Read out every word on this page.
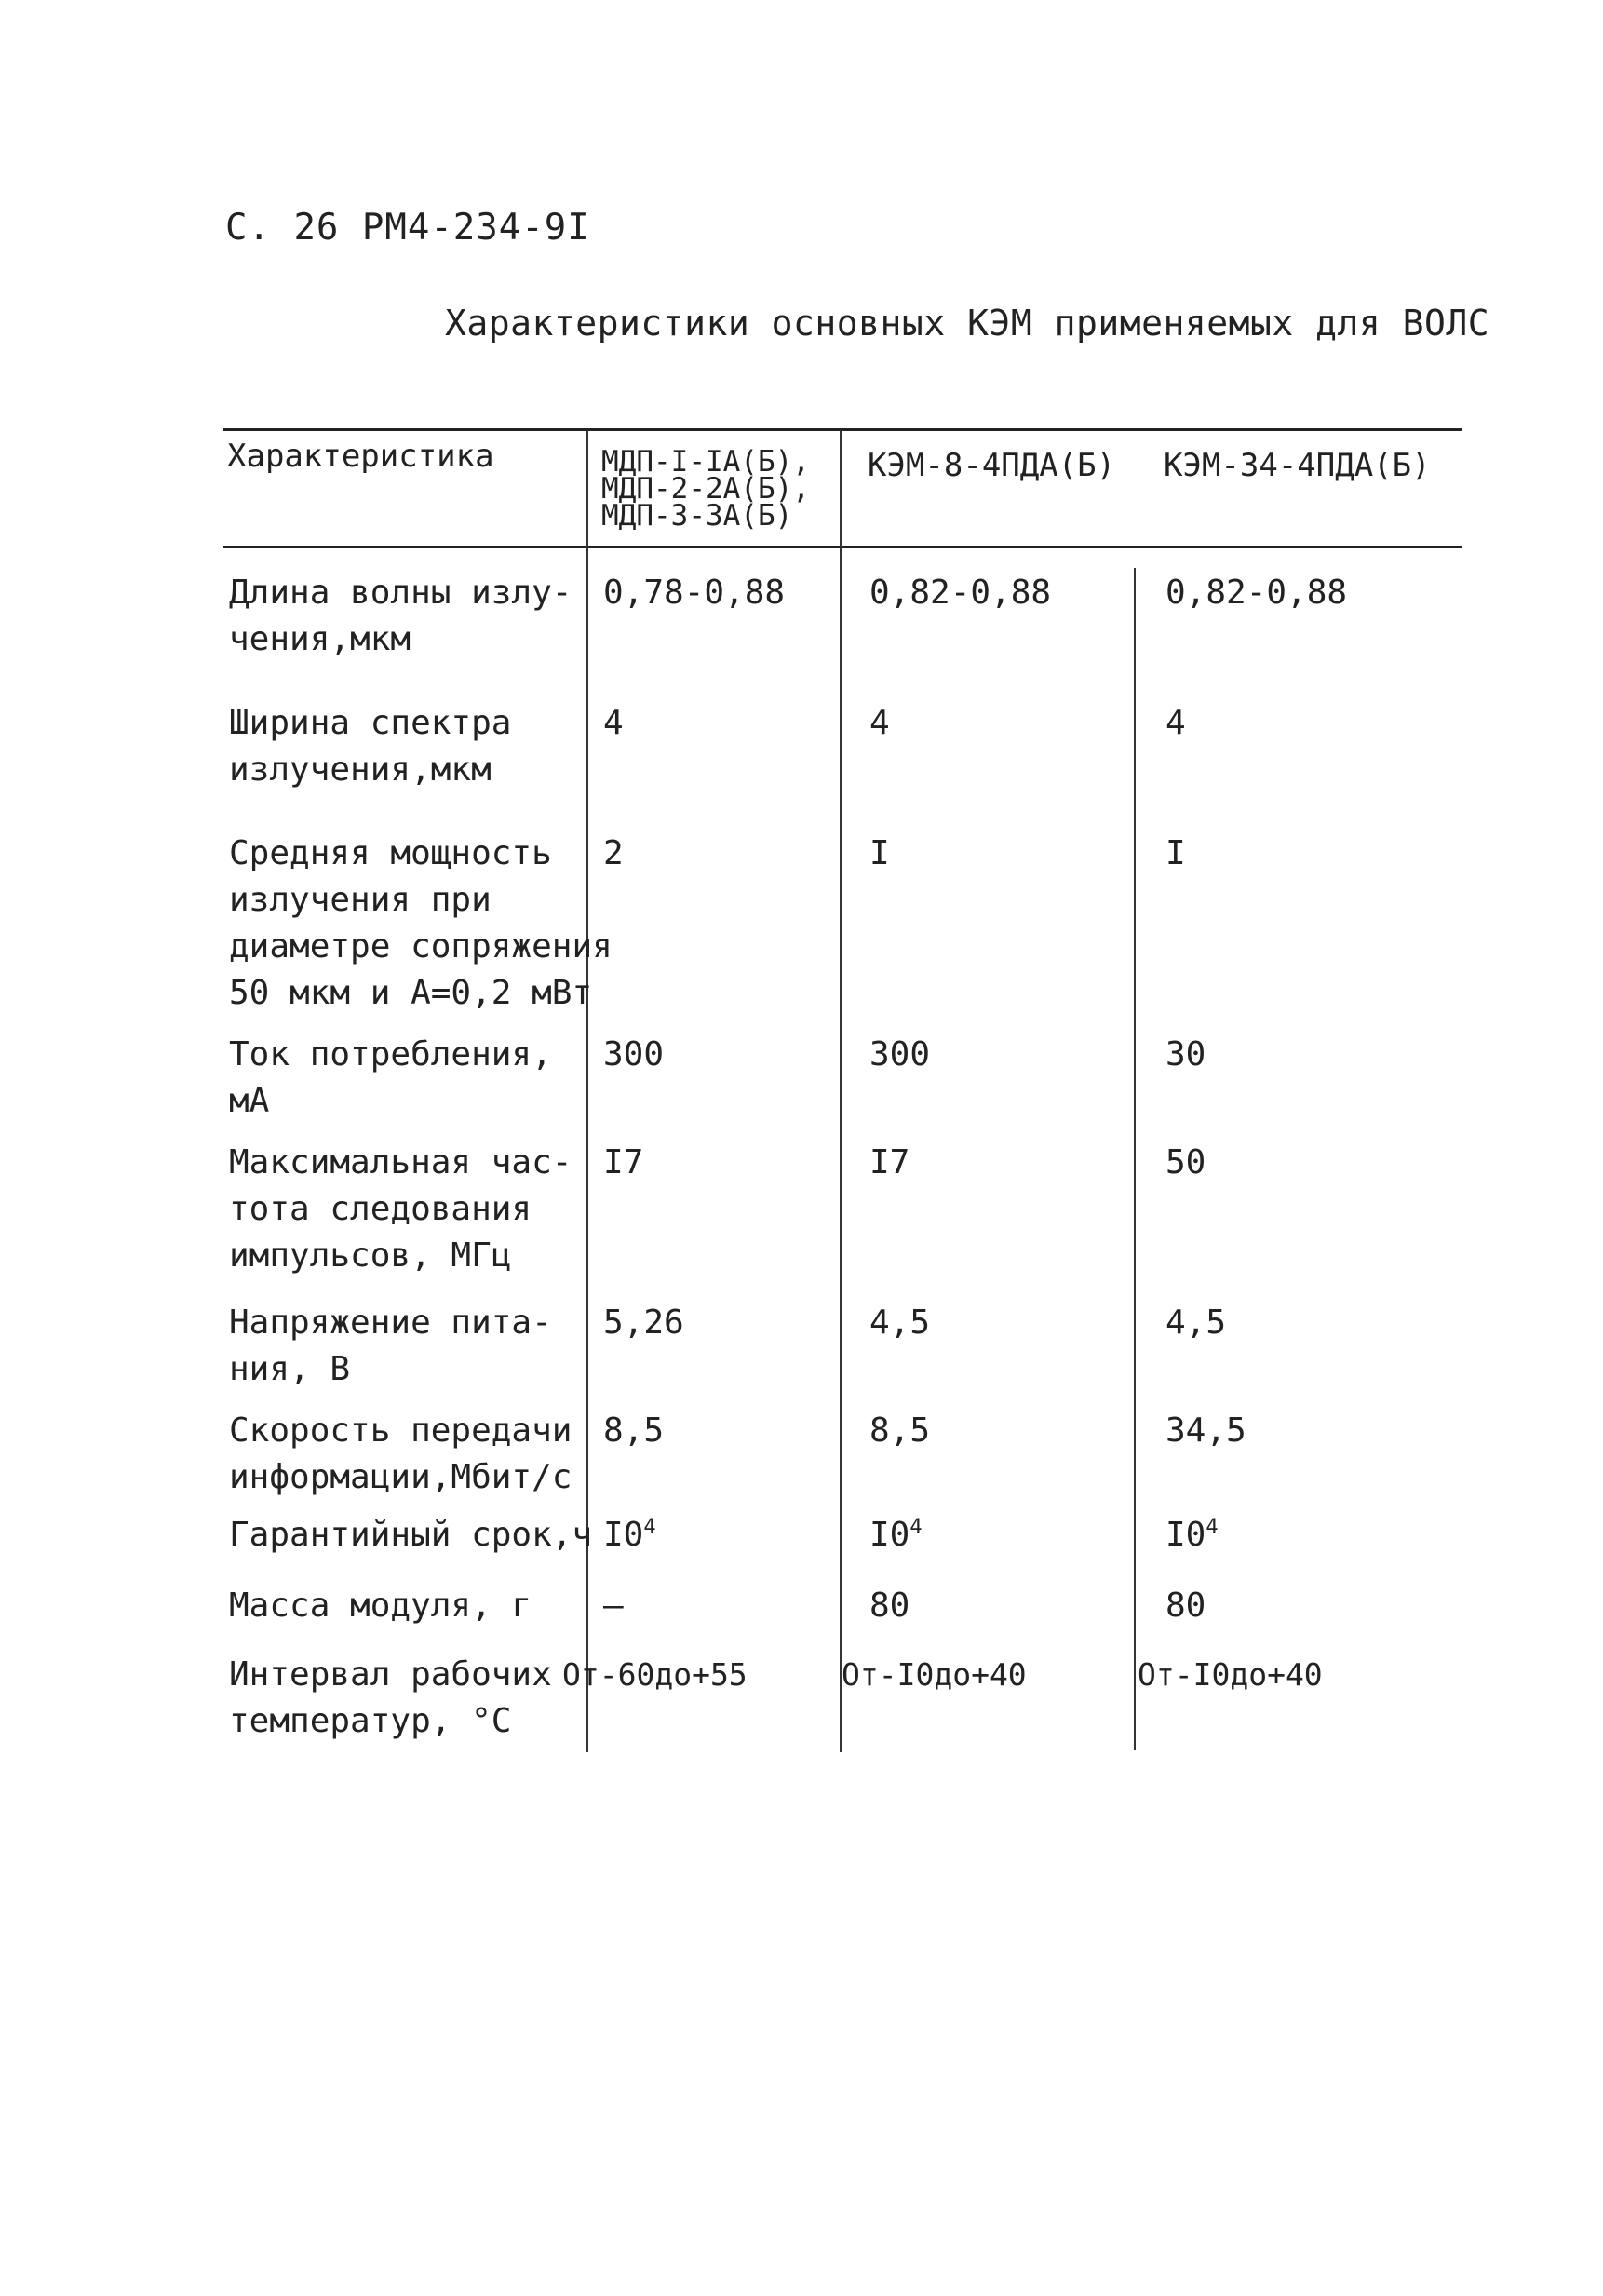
С. 26 РМ4-234-9I
Характеристики основных КЭМ применяемых для ВОЛС
Характеристика	МДП-I-IА(Б),
МДП-2-2А(Б),
МДП-3-3А(Б)
КЭМ-8-4ПДА(Б) КЭМ-34-4ПДА(Б)
Длина волны излу-
чения,мкм
0,78-0,88	0,82-0,88	0,82-0,88
Ширина спектра
излучения,мкм
4	4	4
Средняя мощность
излучения при
диаметре сопряжения
50 мкм и А=0,2 мВт
2	I	I
Ток потребления,
мА
300	300	30
Максимальная час-
тота следования
импульсов, МГц
I7	I7	50
Напряжение пита-
ния, В
5,26	4,5	4,5
Скорость передачи
информации,Мбит/с
8,5	8,5	34,5
Гарантийный срок,ч $I0^4$	$I0^4$	$I0^4$
Масса модуля, г –	80	80
Интервал рабочих
температур, °С
От-60до+55	От-I0до+40	От-I0до+40
